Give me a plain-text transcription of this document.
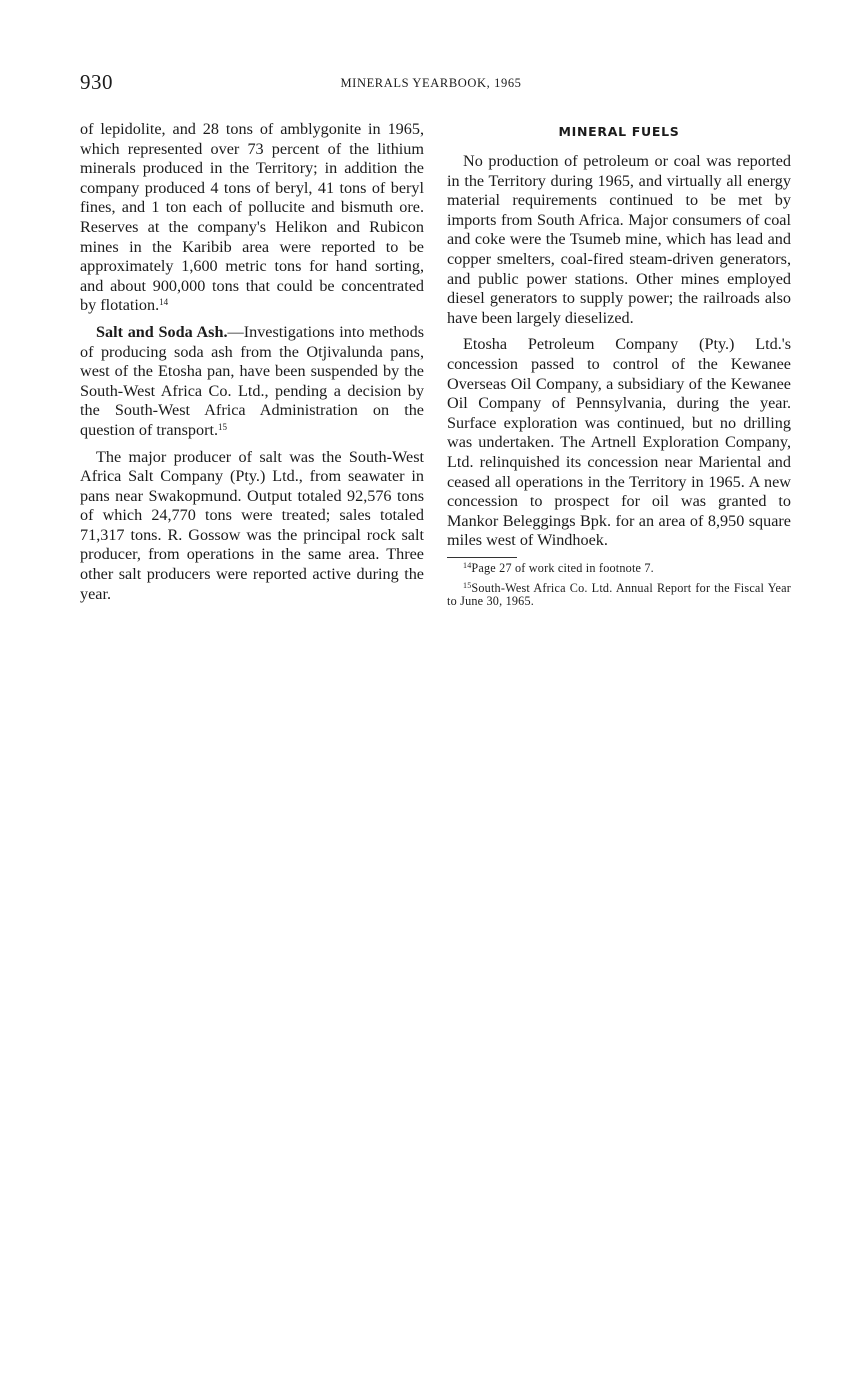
930	MINERALS YEARBOOK, 1965

of lepidolite, and 28 tons of amblygonite in 1965, which represented over 73 percent of the lithium minerals produced in the Territory; in addition the company produced 4 tons of beryl, 41 tons of beryl fines, and 1 ton each of pollucite and bismuth ore. Reserves at the company's Helikon and Rubicon mines in the Karibib area were reported to be approximately 1,600 metric tons for hand sorting, and about 900,000 tons that could be concentrated by flotation.$^{14}$

Salt and Soda Ash.—Investigations into methods of producing soda ash from the Otjivalunda pans, west of the Etosha pan, have been suspended by the South-West Africa Co. Ltd., pending a decision by the South-West Africa Administration on the question of transport.$^{15}$

The major producer of salt was the South-West Africa Salt Company (Pty.) Ltd., from seawater in pans near Swakopmund. Output totaled 92,576 tons of which 24,770 tons were treated; sales totaled 71,317 tons. R. Gossow was the principal rock salt producer, from operations in the same area. Three other salt producers were reported active during the year.

MINERAL FUELS

No production of petroleum or coal was reported in the Territory during 1965, and virtually all energy material requirements continued to be met by imports from South Africa. Major consumers of coal and coke were the Tsumeb mine, which has lead and copper smelters, coal-fired steam-driven generators, and public power stations. Other mines employed diesel generators to supply power; the railroads also have been largely dieselized.

Etosha Petroleum Company (Pty.) Ltd.'s concession passed to control of the Kewanee Overseas Oil Company, a subsidiary of the Kewanee Oil Company of Pennsylvania, during the year. Surface exploration was continued, but no drilling was undertaken. The Artnell Exploration Company, Ltd. relinquished its concession near Mariental and ceased all operations in the Territory in 1965. A new concession to prospect for oil was granted to Mankor Beleggings Bpk. for an area of 8,950 square miles west of Windhoek.

$^{14}$Page 27 of work cited in footnote 7.

$^{15}$South-West Africa Co. Ltd. Annual Report for the Fiscal Year to June 30, 1965.
